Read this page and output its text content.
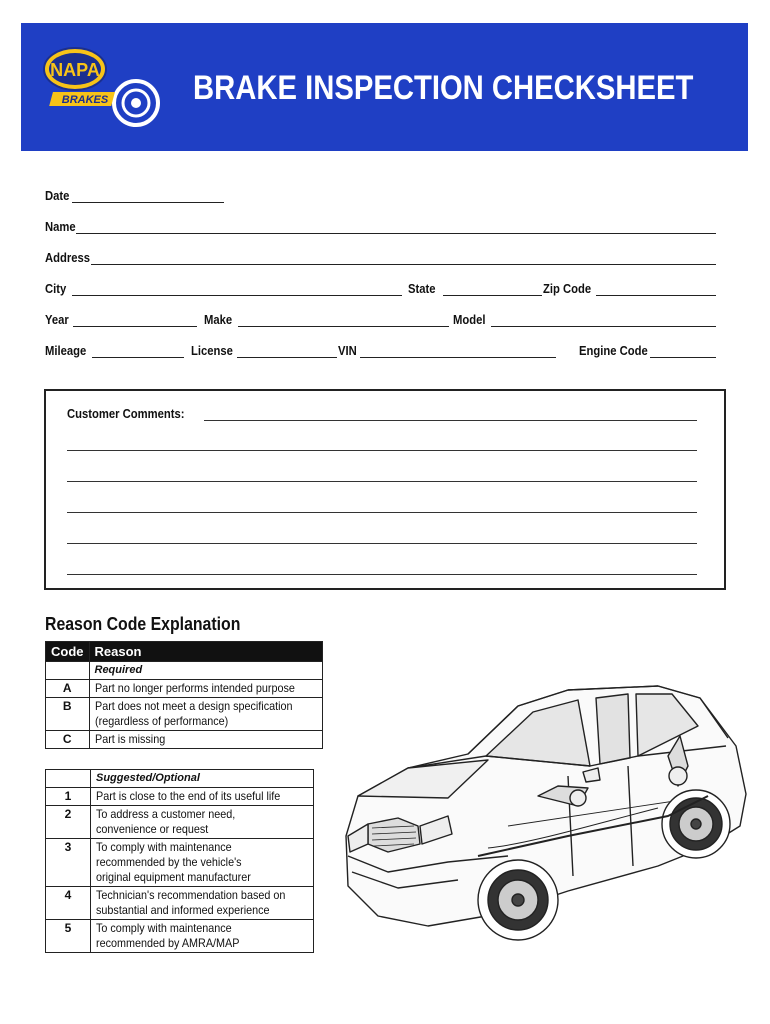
NAPA
BRAKES BRAKE INSPECTION CHECKSHEET
Date
Name
Address
City	State	Zip Code
Year	Make	Model
Mileage	License	VIN	Engine Code
Customer Comments:
Reason Code Explanation
Code	Reason
	Required
A	Part no longer performs intended purpose
B	Part does not meet a design specification
(regardless of performance)
C	Part is missing
	Suggested/Optional
1	Part is close to the end of its useful life
2	To address a customer need,
convenience or request
3	To comply with maintenance
recommended by the vehicle's
original equipment manufacturer
4	Technician's recommendation based on
substantial and informed experience
5	To comply with maintenance
recommended by AMRA/MAP
